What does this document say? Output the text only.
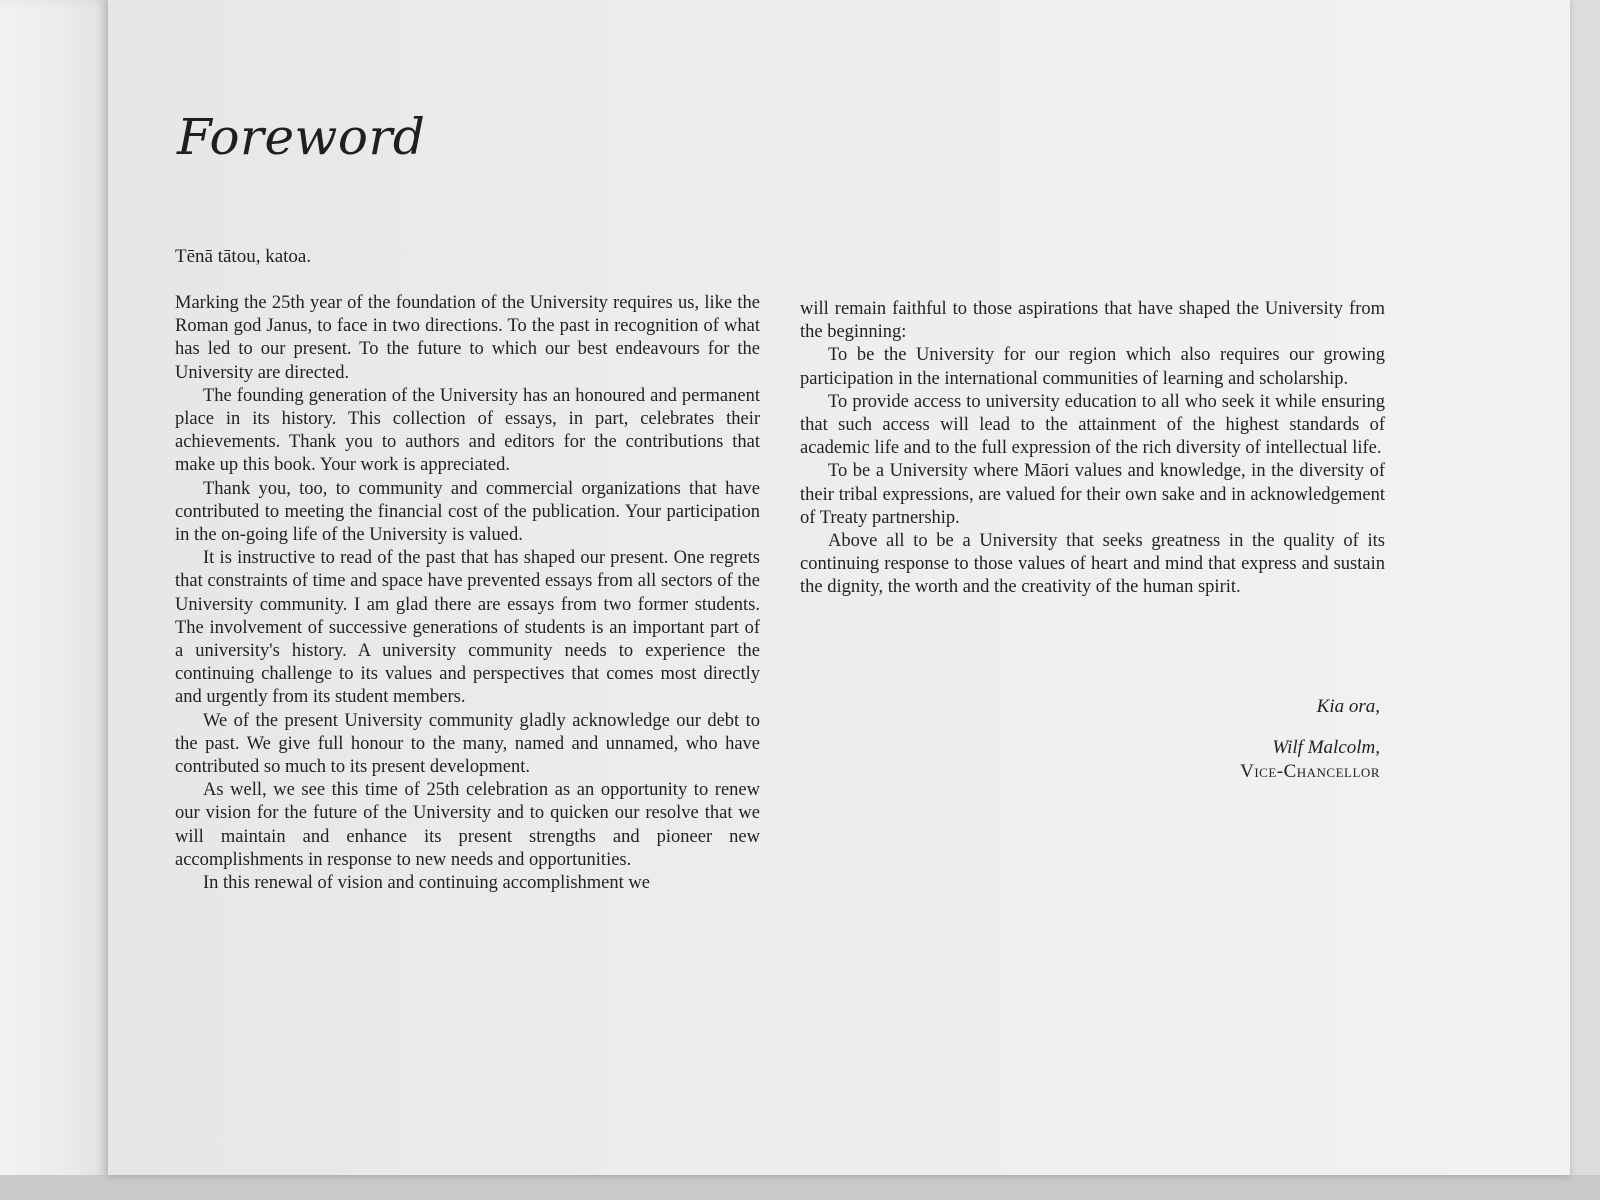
Foreword

Tēnā tātou, katoa.

Marking the 25th year of the foundation of the University requires us, like the Roman god Janus, to face in two directions. To the past in recognition of what has led to our present. To the future to which our best endeavours for the University are directed.

The founding generation of the University has an honoured and permanent place in its history. This collection of essays, in part, celebrates their achievements. Thank you to authors and editors for the contributions that make up this book. Your work is appreciated.

Thank you, too, to community and commercial organizations that have contributed to meeting the financial cost of the publication. Your participation in the on-going life of the University is valued.

It is instructive to read of the past that has shaped our present. One regrets that constraints of time and space have prevented essays from all sectors of the University community. I am glad there are essays from two former students. The involvement of successive generations of students is an important part of a university's history. A university community needs to experience the continuing challenge to its values and perspectives that comes most directly and urgently from its student members.

We of the present University community gladly acknowledge our debt to the past. We give full honour to the many, named and unnamed, who have contributed so much to its present development.

As well, we see this time of 25th celebration as an opportunity to renew our vision for the future of the University and to quicken our resolve that we will maintain and enhance its present strengths and pioneer new accomplishments in response to new needs and opportunities.

In this renewal of vision and continuing accomplishment we

will remain faithful to those aspirations that have shaped the University from the beginning:

To be the University for our region which also requires our growing participation in the international communities of learning and scholarship.

To provide access to university education to all who seek it while ensuring that such access will lead to the attainment of the highest standards of academic life and to the full expression of the rich diversity of intellectual life.

To be a University where Māori values and knowledge, in the diversity of their tribal expressions, are valued for their own sake and in acknowledgement of Treaty partnership.

Above all to be a University that seeks greatness in the quality of its continuing response to those values of heart and mind that express and sustain the dignity, the worth and the creativity of the human spirit.

Kia ora,

Wilf Malcolm,

Vice-Chancellor
